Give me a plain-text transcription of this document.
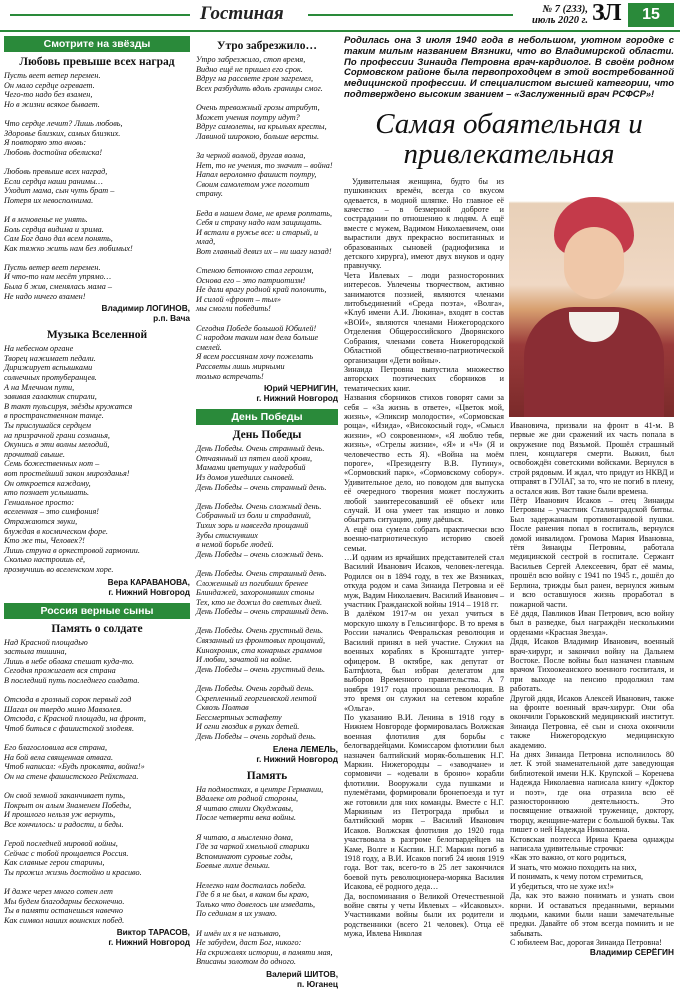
Гостиная	№ 7 (233),
июль 2020 г. ЗЛ	15
Смотрите на звёзды
Любовь превыше всех наград
Пусть веет ветер перемен.
Он мало сердце огревает.
Чего-то надо без взамен,
Но в жизни всякое бывает.

Что сердце лечит? Лишь любовь,
Здоровье близких, самых близких.
Я повторяю это вновь:
Любовь достойна обелиска!

Любовь превыше всех наград,
Если сердца наши ранимы…
Уходит мама, сын чуть брат –
Потеря их невосполнима.

И в мгновенье не унять.
Боль сердца видима и зрима.
Сам Бог дано дал всем понять,
Как тяжко жить нам без любимых!

Пусть ветер веет перемен.
И что-то нам несёт упрямо…
Была б жив, сменялась мама –
Не надо ничего взамен!
Владимир ЛОГИНОВ,
р.п. Вача
Музыка Вселенной
На небесном органе
Творец нажимает педали.
Дирижирует вспышками
солнечных протуберанцев.
А на Млечном пути,
завивая галактик спирали,
В такт пульсируя, звёзды кружатся
в пространственном танце.
Ты прислушайся сердцем
на призрачной грани сознанья,
Окунись в эти волны мелодий,
прочитай свыше.
Семь божественных нот –
вот простейший закон мирозданья!
Он откроется каждому,
кто познает услышать.
Гениальное просто:
вселенная – это симфония!
Отражаются звуки,
блуждая в космическом форе.
Кто же ты, Человек?!
Лишь струна в оркестровой гармонии.
Сколько настроишь её,
прозвучишь во вселенском хоре.
Вера КАРАВАНОВА,
г. Нижний Новгород
Россия верные сыны
Память о солдате
Над Красной площадью
застыла тишина,
Лишь в небе облака спешат куда-то.
Сегодня прожигает вся страна
В последний путь последнего солдата.

Отсюда в грозный сорок первый год
Шагал он твердо мимо Мавзолея.
Отсюда, с Красной площади, на фронт,
Чтоб биться с фашистской злодеяя.

Его благословила вся страна,
На бой вела священная отвага.
Чтоб написал: «Будь проклята, война!»
Он на стене фашистского Рейхстага.

Он свой земной заканчивает путь,
Покрыт он алым Знаменем Победы,
И прошлого нельзя уж вернуть,
Все кончилось: и радости, и беды.

Герой последней мировой войны,
Сейчас с тобой прощается Россия.
Как славные герои старины,
Ты прожил жизнь достойно и красиво.

И даже через много сотен лет
Мы будем благодарны бесконечно.
Ты в памяти останешься навечно
Как символ наших воинских побед.
Виктор ТАРАСОВ,
г. Нижний Новгород
Утро забрезжило…
Утро забрезжило, стоп время,
Видно ещё не пришел его срок.
Вдруг на рассвете гром загремел,
Всех разбудить вдоль границы смог.

Очень тревожный грозы атрибут,
Может учения поутру идут?
Вдруг самолеты, на крыльях кресты,
Лавиной широкою, больше версты.

За черной волной, другая волна,
Нет, то не учения, то значит – война!
Напал вероломно фашист поутру,
Своим самолетом уже поготит страну.

Беда в нашем доме, не время роптать,
Себя и страну надо нам защищать.
И встали в ружье все: и старый, и млад,
Вот главный девиз их – ни шагу назад!

Стеною бетонною стал героизм,
Основа его – это патриотизм!
Не дали врагу родной край полонить,
И силой «фронт – тыл»
мы смогли победить!

Сегодня Победе большой Юбилей!
С народом таким нам дела больше смелей.
Я всем россиянам хочу пожелать
Рассветы лишь мирными
только встречать!
Юрий ЧЕРНИГИН,
г. Нижний Новгород
День Победы
День Победы
День Победы. Очень странный день.
Отчаянный из пятен алой крови,
Мамами цветущих у надгробий
Из домов ушедших сыновей.
День Победы – очень странный день.

День Победы. Очень сложный день.
Собранный из боли и страданий,
Тихих зорь и навсегда прощаний
Зубы стиснувших
в немой борьбе людей.
День Победы – очень сложный день.

День Победы. Очень страшный день.
Сложенный из погибших бренее
Блиндажей, захоронивших стоны
Тех, кто не дожил до светлых дней.
День Победы – очень страшный день.

День Победы. Очень грустный день.
Связанный из фронтовых прощаний,
Кинохроник, ста конарных граммов
И любви, зачатой на войне.
День Победы – очень грустный день.

День Победы. Очень гордый день.
Скрепленный георгиевской лентой
Сквозь Полтав
Бессмертных эстафету
И огни гвоздик в руках детей.
День Победы – очень гордый день.
Елена ЛЕМЕЛЬ,
г. Нижний Новгород
Память
На подмостках, в центре Германии,
Вдалеке от родной стороны,
Я читаю стихи Окуджавы,
После четверти века войны.

Я читаю, а мысленно дома,
Где за чаркой хмельной старики
Вспоминают суровые годы,
Боевые лихие деньки.

Нелегко нам досталась победа.
Где б я не был, в каком бы краю,
Только что довелось им изведать,
По сединам я их узнаю.

И имён их я не называю,
Не забудем, даст Бог, никого:
На скрижалях истории, в памяти мая,
Вписаны золотом до одного.
Валерий ШИТОВ,
п. Юганец
Родилась она 3 июля 1940 года в небольшом, уютном городке с таким милым названием Вязники, что во Владимирской области. По профессии Зинаида Петровна врач-кардиолог. В своём родном Сормовском районе была первопроходцем в этой востребованной медицинской профессии. И специалистом высшей категории, что подтверждено высоким званием – «Заслуженный врач РСФСР»!
Самая обаятельная и привлекательная
Удивительная женщина, будто бы из пушкинских времён, всегда со вкусом одевается, в модной шляпке. Но главное её качество – в безмерной доброте и сострадании по отношению к людям. А ещё вместе с мужем, Вадимом Николаевичем, они вырастили двух прекрасно воспитанных и образованных сыновей (радиофизика и детского хирурга), имеют двух внуков и одну правнучку.
Чета Ивлевых – люди разносторонних интересов. Увлечены творчеством, активно занимаются поэзией, являются членами литобъединений «Среда поэта», «Волга», «Клуб имени А.И. Люкина», входят в состав «ВОИ», являются членами Нижегородского Отделения Общероссийского Дворянского Собрания, членами совета Нижегородской Областной общественно-патриотической организации «Дети войны».
Зинаида Петровна выпустила множество авторских поэтических сборников и тематических книг.
Названия сборников стихов говорят сами за себя – «За жизнь в ответе», «Цветок мой, жизнь», «Эликсир молодости», «Сормовская роща», «Изида», «Високосный год», «Смысл жизни», «О сокровенном», «Я люблю тебя, жизнь», «Стрелы жизни», «Я» и «Ч» (Я и человечество есть Я). «Война на моём пороге», «Президенту В.В. Путину», «Сормовский парк», «Сормовскому собору». Удивительное дело, но поводом для выпуска её очередного творения может послужить любой заинтересовавший её объект или случай. И она умеет так изящно и ловко обыграть ситуацию, диву даёшься.
А ещё она сумела собрать практически всю военно-патриотическую историю своей семьи.
…И одним из ярчайших представителей стал Василий Иванович Исаков, человек-легенда. Родился он в 1894 году, в тех же Вязниках, откуда родом и сама Зинаида Петровна и её муж, Вадим Николаевич. Василий Иванович – участник Гражданской войны 1914 – 1918 гг.
В далёком 1917-м он уехал учиться в морскую школу в Гельсингфорс. В то время в России начались Февральская революция и Василий принял в ней участие. Служил на военных кораблях в Кронштадте унтер-офицером. В октябре, как депутат от Балтфлота, был избран делегатом для выборов Временного правительства. А 7 ноября 1917 года произошла революция. В это время он служил на сетевом корабле «Ольга».
По указанию В.И. Ленина в 1918 году в Нижнем Новгороде формировалась Волжская военная флотилия для борьбы с белогвардейцами. Комиссаром флотилии был назначен балтийский моряк-большевик Н.Г. Маркин. Нижегородцы – «заводчане» и сормовичи – «одевали в броню» корабли флотилии. Вооружали суда пушками и пулемётами, формировали бронепоезда и тут же готовили для них команды. Вместе с Н.Г. Маркиным из Петрограда прибыл и балтийский моряк – Василий Иванович Исаков. Волжская флотилия до 1920 года участвовала в разгроме белогвардейцев на Каме, Волге и Каспии. Н.Г. Маркин погиб в 1918 году, а В.И. Исаков погиб 24 июня 1919 года. Вот так, всего-то в 25 лет закончился боевой путь революционера-моряка Василия Исакова, её родного деда…
Да, воспоминания о Великой Отечественной войне святы у четы Ивлевых – «Исаковых». Участниками войны были их родители и родственники (всего 21 человек). Отца её мужа, Ивлева Николая
Ивановича, призвали на фронт в 41-м. В первые же дни сражений их часть попала в окружение под Вязьмой. Прошёл страшный плен, концлагеря смерти. Выжил, был освобождён советскими войсками. Вернулся в строй рядовым. И ждал, что придут из НКВД и отправят в ГУЛАГ, за то, что не погиб в плену, а остался жив. Вот такие были времена.
Пётр Иванович Исаков – отец Зинаиды Петровны – участник Сталинградской битвы. Был задержанным противотанковой пушки. После ранения попал в госпиталь, вернулся домой инвалидом. Громова Мария Ивановна, тётя Зинаиды Петровны, работала медицинской сестрой в госпитале. Сержант Васильев Сергей Алексеевич, брат её мамы, прошёл всю войну с 1941 по 1945 г., дошёл до Берлина, трижды был ранен, вернулся живым и всю оставшуюся жизнь проработал в пожарной части.
Её дядя, Павликов Иван Петрович, всю войну был в разведке, был награждён несколькими орденами «Красная Звезда».
Дядя, Исаков Владимир Иванович, военный врач-хирург, и закончил войну на Дальнем Востоке. После войны был назначен главным врачом Тихоокеанского военного госпиталя, и при выходе на пенсию продолжил там работать.
Другой дядя, Исаков Алексей Иванович, также на фронте военный врач-хирург. Они оба окончили Горьковский медицинский институт. Зинаида Петровна, её сын и сноха окончили также Нижегородскую медицинскую академию.
На днях Зинаида Петровна исполнилось 80 лет. К этой знаменательной дате заведующая библиотекой имени Н.К. Крупской – Коренева Надежда Николаевна написала книгу «Доктор и поэт», где она отразила всю её разностороннюю деятельность. Это посвящение отважной труженице, доктору, творцу, женщине-матери с большой буквы. Так пишет о ней Надежда Николаевна.
Кстовская поэтесса Ирина Краева однажды написала удивительные строчки:
«Как это важно, от кого родиться,
И знать, что можно походить на них,
И понимать, к чему потом стремиться,
И убедиться, что не хуже их!»
Да, как это важно понимать и узнать свои корни. И оставаться преданными, верными людьми, какими были наши замечательные предки. Давайте об этом всегда помнить и не забывать.
С юбилеем Вас, дорогая Зинаида Петровна!
Владимир СЕРЁГИН
